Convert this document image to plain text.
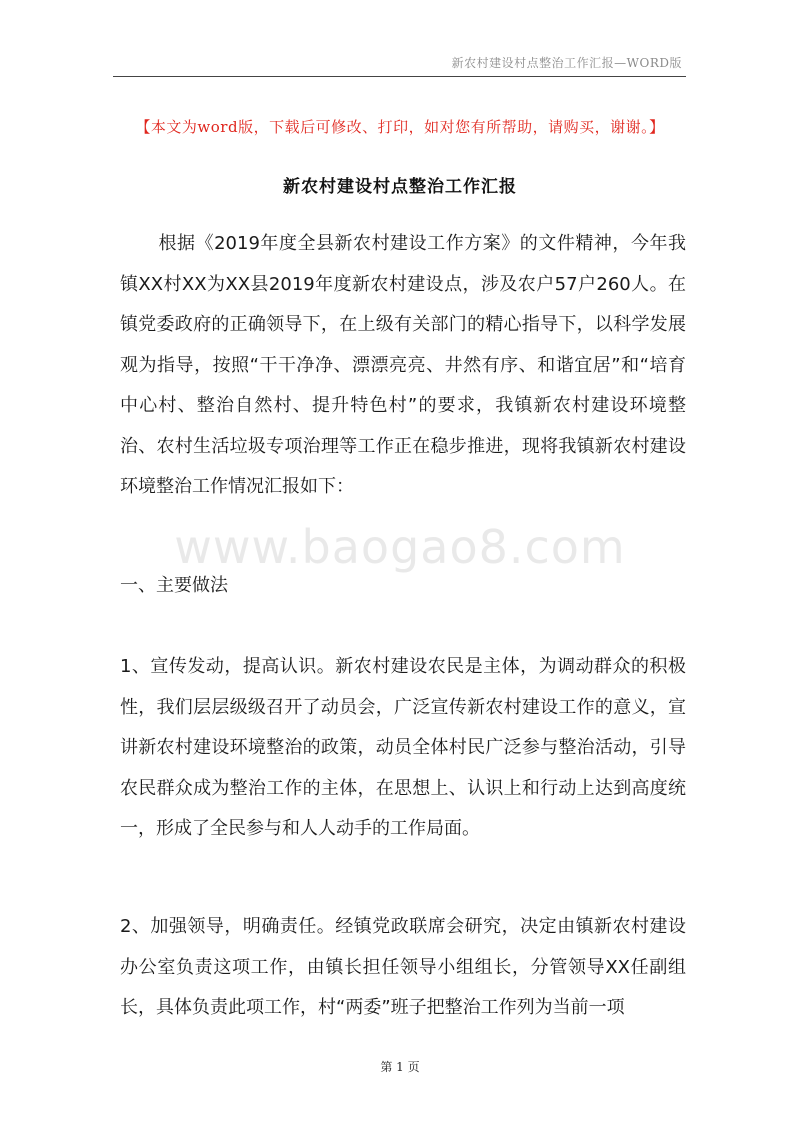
新农村建设村点整治工作汇报—WORD版
【本文为word版，下载后可修改、打印，如对您有所帮助，请购买，谢谢。】
新农村建设村点整治工作汇报
根据《2019年度全县新农村建设工作方案》的文件精神，今年我镇XX村XX为XX县2019年度新农村建设点，涉及农户57户260人。在镇党委政府的正确领导下，在上级有关部门的精心指导下，以科学发展观为指导，按照“干干净净、漂漂亮亮、井然有序、和谐宜居”和“培育中心村、整治自然村、提升特色村”的要求，我镇新农村建设环境整治、农村生活垃圾专项治理等工作正在稳步推进，现将我镇新农村建设环境整治工作情况汇报如下：
www.baogao8.com
一、主要做法
1、宣传发动，提高认识。新农村建设农民是主体，为调动群众的积极性，我们层层级级召开了动员会，广泛宣传新农村建设工作的意义，宣讲新农村建设环境整治的政策，动员全体村民广泛参与整治活动，引导农民群众成为整治工作的主体，在思想上、认识上和行动上达到高度统一，形成了全民参与和人人动手的工作局面。
2、加强领导，明确责任。经镇党政联席会研究，决定由镇新农村建设办公室负责这项工作，由镇长担任领导小组组长，分管领导XX任副组长，具体负责此项工作，村“两委”班子把整治工作列为当前一项
第 1 页
